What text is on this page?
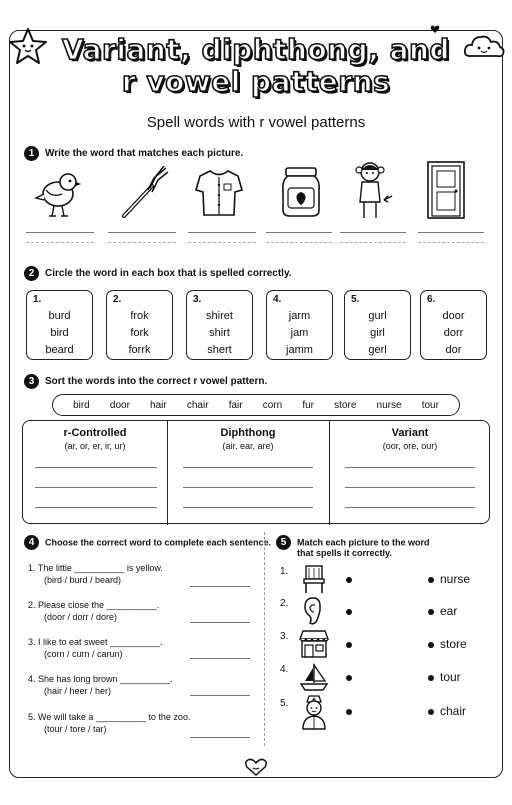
Variant, diphthong, and
r vowel patterns
Spell words with r vowel patterns
1 Write the word that matches each picture.
2 Circle the word in each box that is spelled correctly.
1.
burd
bird
beard
2.
frok
fork
forrk
3.
shiret
shirt
shert
4.
jarm
jam
jamm
5.
gurl
girl
gerl
6.
door
dorr
dor
3 Sort the words into the correct r vowel pattern.
bird door hair chair fair corn fur store nurse tour
r-Controlled
(ar, or, er, ir, ur)
Diphthong
(air, ear, are)
Variant
(oor, ore, our)
4 Choose the correct word to complete each sentence.
1. The little __________ is yellow.
(bird / burd / beard)
2. Please close the __________.
(door / dorr / dore)
3. I like to eat sweet __________.
(corn / curn / carun)
4. She has long brown __________.
(hair / heer / her)
5. We will take a __________ to the zoo.
(tour / tore / tar)
5 Match each picture to the word
that spells it correctly.
1.
nurse
2.
ear
3.
store
4.
tour
5.
chair
